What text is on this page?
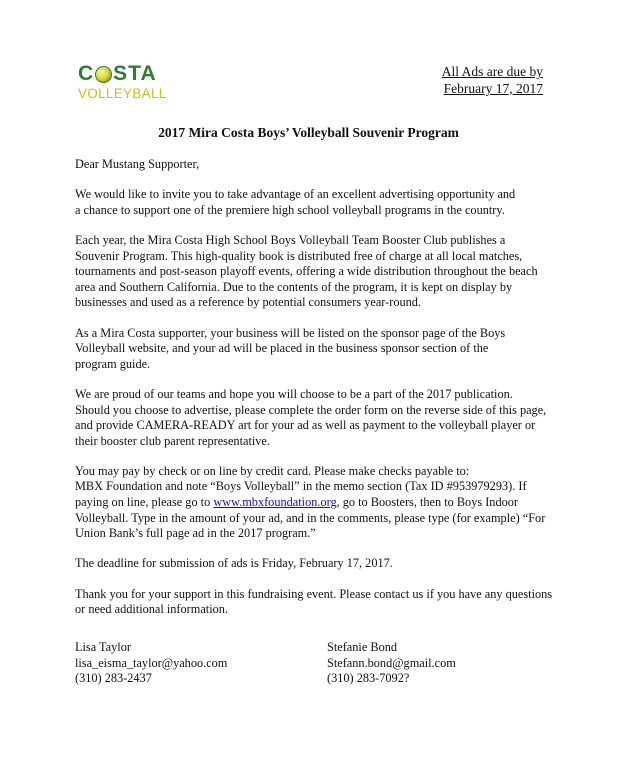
C STA
VOLLEYBALL
All Ads are due by
February 17, 2017
2017 Mira Costa Boys’ Volleyball Souvenir Program

Dear Mustang Supporter,

We would like to invite you to take advantage of an excellent advertising opportunity and
a chance to support one of the premiere high school volleyball programs in the country.

Each year, the Mira Costa High School Boys Volleyball Team Booster Club publishes a
Souvenir Program. This high-quality book is distributed free of charge at all local matches,
tournaments and post-season playoff events, offering a wide distribution throughout the beach
area and Southern California. Due to the contents of the program, it is kept on display by
businesses and used as a reference by potential consumers year-round.

As a Mira Costa supporter, your business will be listed on the sponsor page of the Boys
Volleyball website, and your ad will be placed in the business sponsor section of the
program guide.

We are proud of our teams and hope you will choose to be a part of the 2017 publication.
Should you choose to advertise, please complete the order form on the reverse side of this page,
and provide CAMERA-READY art for your ad as well as payment to the volleyball player or
their booster club parent representative.

You may pay by check or on line by credit card. Please make checks payable to:
MBX Foundation and note “Boys Volleyball” in the memo section (Tax ID #953979293). If
paying on line, please go to www.mbxfoundation.org, go to Boosters, then to Boys Indoor
Volleyball. Type in the amount of your ad, and in the comments, please type (for example) “For
Union Bank’s full page ad in the 2017 program.”

The deadline for submission of ads is Friday, February 17, 2017.

Thank you for your support in this fundraising event. Please contact us if you have any questions
or need additional information.

Lisa Taylor
lisa_eisma_taylor@yahoo.com
(310) 283-2437
Stefanie Bond
Stefann.bond@gmail.com
(310) 283-7092?
